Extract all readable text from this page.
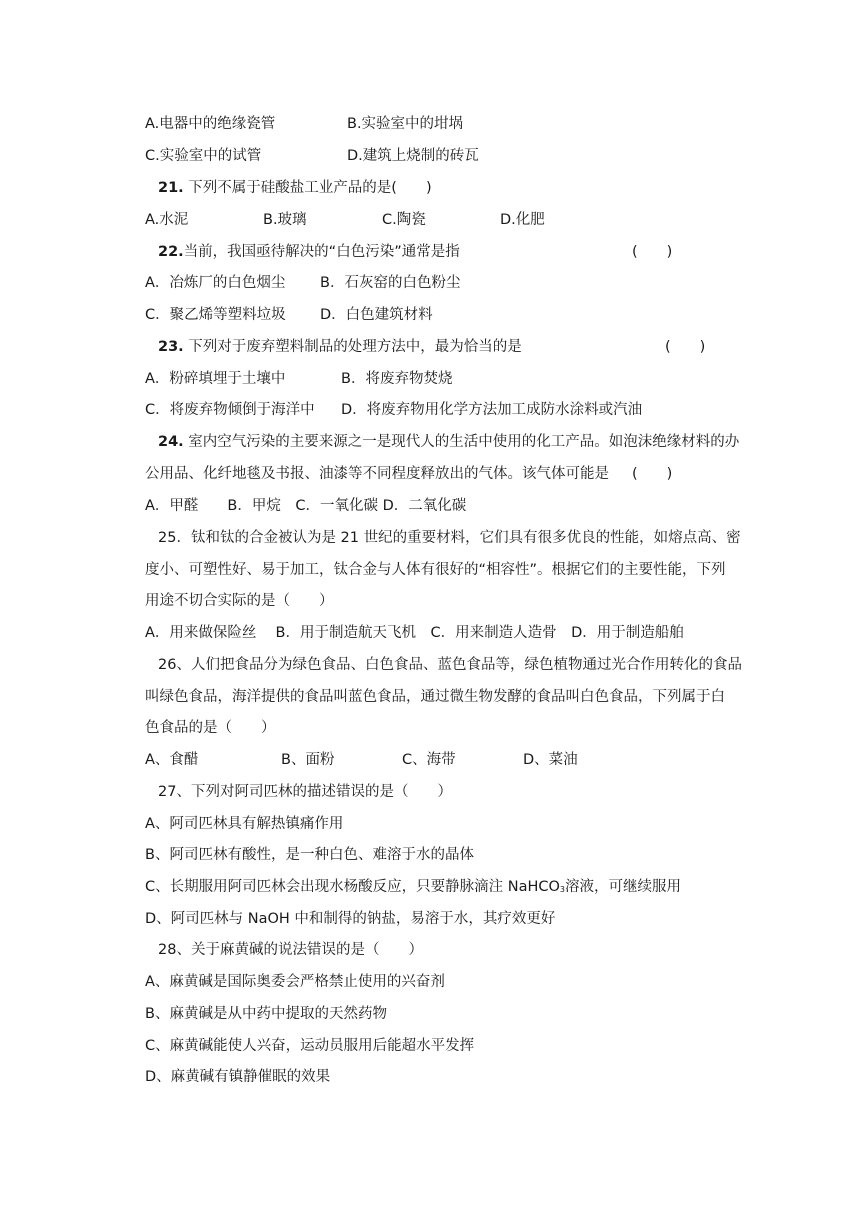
A.电器中的绝缘瓷管	B.实验室中的坩埚
C.实验室中的试管	D.建筑上烧制的砖瓦
21. 下列不属于硅酸盐工业产品的是(　　)
A.水泥	B.玻璃	C.陶瓷	D.化肥
22.当前，我国亟待解决的“白色污染”通常是指	(　　)
A．冶炼厂的白色烟尘 B．石灰窑的白色粉尘
C．聚乙烯等塑料垃圾 D．白色建筑材料
23. 下列对于废弃塑料制品的处理方法中，最为恰当的是	(　　)
A．粉碎填埋于土壤中	B．将废弃物焚烧
C．将废弃物倾倒于海洋中 D．将废弃物用化学方法加工成防水涂料或汽油
24. 室内空气污染的主要来源之一是现代人的生活中使用的化工产品。如泡沫绝缘材料的办
公用品、化纤地毯及书报、油漆等不同程度释放出的气体。该气体可能是 (　　)
A．甲醛　　B．甲烷　C．一氧化碳 D．二氧化碳
25．钛和钛的合金被认为是 21 世纪的重要材料，它们具有很多优良的性能，如熔点高、密
度小、可塑性好、易于加工，钛合金与人体有很好的“相容性”。根据它们的主要性能，下列
用途不切合实际的是（　　）
A．用来做保险丝　 B．用于制造航天飞机　C．用来制造人造骨　D．用于制造船舶
26、人们把食品分为绿色食品、白色食品、蓝色食品等，绿色植物通过光合作用转化的食品
叫绿色食品，海洋提供的食品叫蓝色食品，通过微生物发酵的食品叫白色食品，下列属于白
色食品的是（　　）
A、食醋	B、面粉	C、海带	D、菜油
27、下列对阿司匹林的描述错误的是（　　）
A、阿司匹林具有解热镇痛作用
B、阿司匹林有酸性，是一种白色、难溶于水的晶体
C、长期服用阿司匹林会出现水杨酸反应，只要静脉滴注 NaHCO$_3$溶液，可继续服用
D、阿司匹林与 NaOH 中和制得的钠盐，易溶于水，其疗效更好
28、关于麻黄碱的说法错误的是（　　）
A、麻黄碱是国际奥委会严格禁止使用的兴奋剂
B、麻黄碱是从中药中提取的天然药物
C、麻黄碱能使人兴奋，运动员服用后能超水平发挥
D、麻黄碱有镇静催眠的效果
